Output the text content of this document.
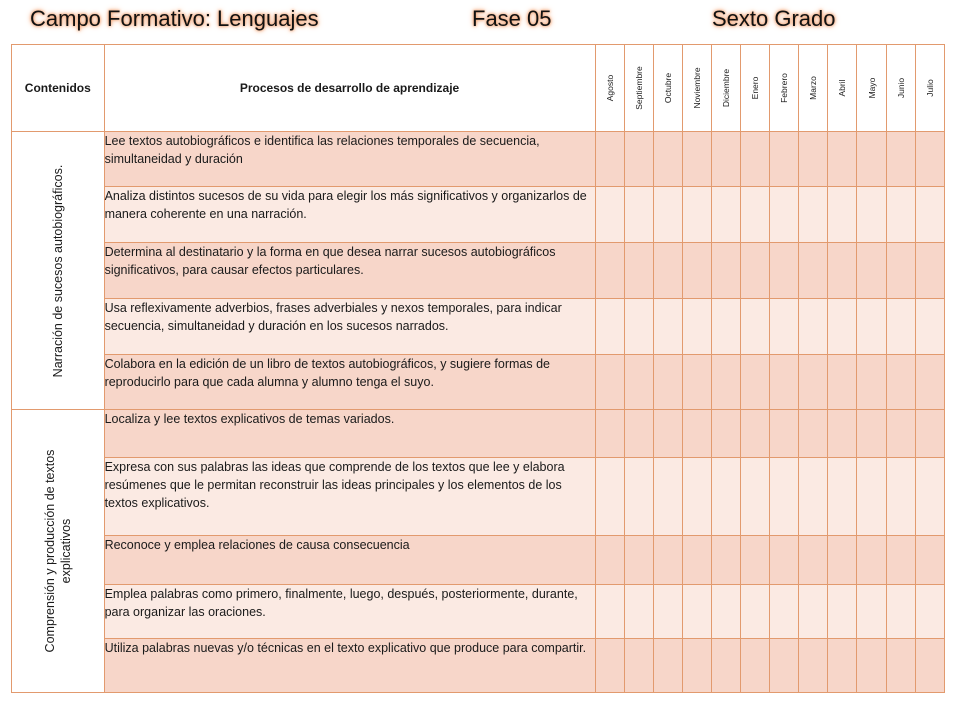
Campo Formativo: Lenguajes	Fase 05	Sexto Grado
Contenidos	Procesos de desarrollo de aprendizaje	Agosto	Septiembre	Octubre	Noviembre	Diciembre	Enero	Febrero	Marzo	Abril	Mayo	Junio	Julio

Narración de sucesos autobiográficos.	Lee textos autobiográficos e identifica las relaciones temporales de secuencia, simultaneidad y duración												
	Analiza distintos sucesos de su vida para elegir los más significativos y organizarlos de manera coherente en una narración.												
	Determina al destinatario y la forma en que desea narrar sucesos autobiográficos significativos, para causar efectos particulares.												
	Usa reflexivamente adverbios, frases adverbiales y nexos temporales, para indicar secuencia, simultaneidad y duración en los sucesos narrados.												
	Colabora en la edición de un libro de textos autobiográficos, y sugiere formas de reproducirlo para que cada alumna y alumno tenga el suyo.												

Comprensión y producción de textos explicativos	Localiza y lee textos explicativos de temas variados.												
	Expresa con sus palabras las ideas que comprende de los textos que lee y elabora resúmenes que le permitan reconstruir las ideas principales y los elementos de los textos explicativos.												
	Reconoce y emplea relaciones de causa consecuencia												
	Emplea palabras como primero, finalmente, luego, después, posteriormente, durante, para organizar las oraciones.												
	Utiliza palabras nuevas y/o técnicas en el texto explicativo que produce para compartir.												
